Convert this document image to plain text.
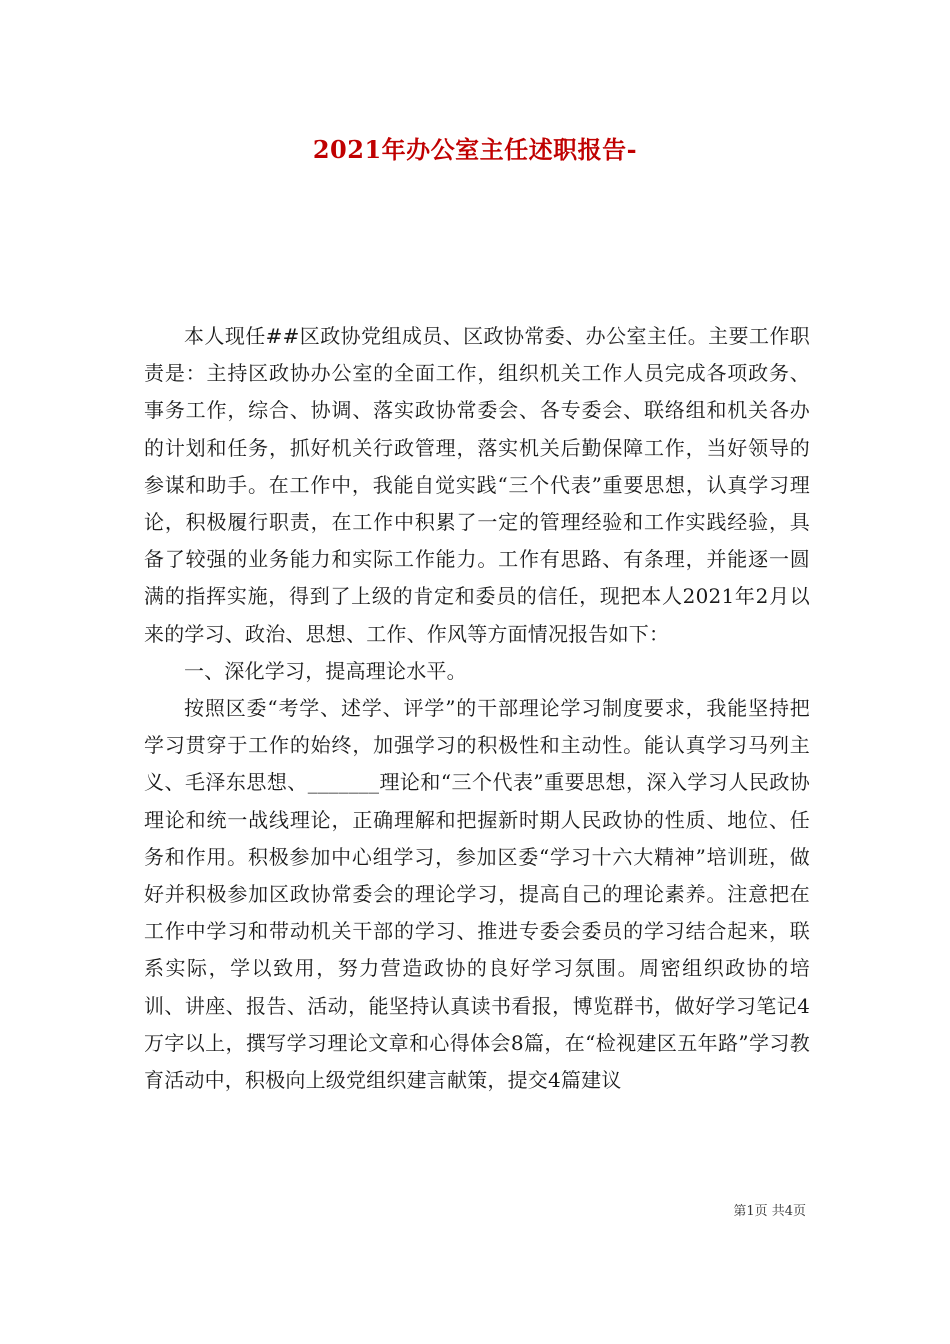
2021年办公室主任述职报告-

本人现任##区政协党组成员、区政协常委、办公室主任。主要工作职责是：主持区政协办公室的全面工作，组织机关工作人员完成各项政务、事务工作，综合、协调、落实政协常委会、各专委会、联络组和机关各办的计划和任务，抓好机关行政管理，落实机关后勤保障工作，当好领导的参谋和助手。在工作中，我能自觉实践“三个代表”重要思想，认真学习理论，积极履行职责，在工作中积累了一定的管理经验和工作实践经验，具备了较强的业务能力和实际工作能力。工作有思路、有条理，并能逐一圆满的指挥实施，得到了上级的肯定和委员的信任，现把本人2021年2月以来的学习、政治、思想、工作、作风等方面情况报告如下：

一、深化学习，提高理论水平。

按照区委“考学、述学、评学”的干部理论学习制度要求，我能坚持把学习贯穿于工作的始终，加强学习的积极性和主动性。能认真学习马列主义、毛泽东思想、_______理论和“三个代表”重要思想，深入学习人民政协理论和统一战线理论，正确理解和把握新时期人民政协的性质、地位、任务和作用。积极参加中心组学习，参加区委“学习十六大精神”培训班，做好并积极参加区政协常委会的理论学习，提高自己的理论素养。注意把在工作中学习和带动机关干部的学习、推进专委会委员的学习结合起来，联系实际，学以致用，努力营造政协的良好学习氛围。周密组织政协的培训、讲座、报告、活动，能坚持认真读书看报，博览群书，做好学习笔记4万字以上，撰写学习理论文章和心得体会8篇，在“检视建区五年路”学习教育活动中，积极向上级党组织建言献策，提交4篇建议

第1页 共4页
